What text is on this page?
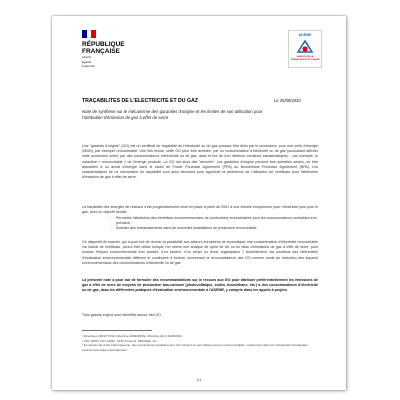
RÉPUBLIQUE
FRANÇAISE
Liberté
Égalité
Fraternité
ADEME
AGENCE DE LA TRANSITION ÉCOLOGIQUE
TRAÇABILITES DE L'ELECTRICITE ET DU GAZ	Le 25/08/2020
Note de synthèse sur le mécanisme des garanties d'origine et les limites de son utilisation pour l'attribution d'émission de gaz à effet de serre
Une "garantie d'origine" (GO) est un certificat de traçabilité de l'électricité ou du gaz pouvant être émis par le producteur, pour une unité d'énergie (MWh), par exemple renouvelable. Une fois émise, cette GO peut être achetée, par un consommateur d'électricité ou de gaz (souhaitant afficher cette production verte) par des consommateurs d'électricité ou de gaz, dans le but de s'en attribuer certaines caractéristiques – par exemple, le caractère « renouvelable » de l'énergie produite. La GO est alors dite "annulée". Les garanties d'origine peuvent être achetées seules, ou être associées à un achat d'énergie dans le cadre de Power Purchase Agreement (PPA) ou Biomethane Purchase Agreement (BPA). Les caractéristiques de ce mécanisme de traçabilité sont ainsi décisives pour apprécier la pertinence de l'utilisation de certificats pour l'attribution d'émission de gaz à effet de serre.
La traçabilité des énergies de réseaux s'est progressivement mise en place à partir de 2001 à une échelle européenne pour l'électricité puis pour le gaz, avec un objectif double :
- Permettre l'attribution des bénéfices environnementaux de productions renouvelables pour les consommateurs souhaitant s'en prévaloir ;
- Susciter des investissements dans de nouvelles installations de production renouvelable.
Ce dispositif de marché, qui a pour but de donner la possibilité aux acteurs européens de revendiquer une consommation d'électricité renouvelable via l'achat de certificats, peut-il être utilisé lorsque l'on relève une analyse de cycle de vie ou un bilan d'émissions de gaz à effet de serre, pour évaluer l'impact environnemental d'un produit, d'un service, d'un projet ou d'une organisation ? Actuellement, les positions des référentiels d'évaluation environnementale diffèrent et continuent à évoluer concernant la reconnaissance des GO comme mode de réduction des impacts environnementaux des consommateurs d'électricité ou de gaz.
La présente note a pour but de formuler des recommandations sur le recours aux GO pour attribuer préférentiellement les émissions de gaz à effet de serre de moyens de production bas-carbone (photovoltaïque, éolien, biométhane, etc.) à des consommateurs d'électricité ou de gaz, dans les différentes pratiques d'évaluation environnementale à l'ADEME, y compris dans les appels à projets.
Trois grands enjeux sont identifiés autour des GO
¹ Directives 2001/77/CE, Directive 2009/28/CE, Directive (EU) 2018/2001
² ISO 14064, ISO 14067, GHG Protocol, PEF/OEF, etc.
³ En dehors de l'Union Européenne, des mécanismes similaires aux GO existent et sont utilisés par les mêmes finalités, notamment dans les référentiels d'évaluation environnementale internationaux.
1/4
